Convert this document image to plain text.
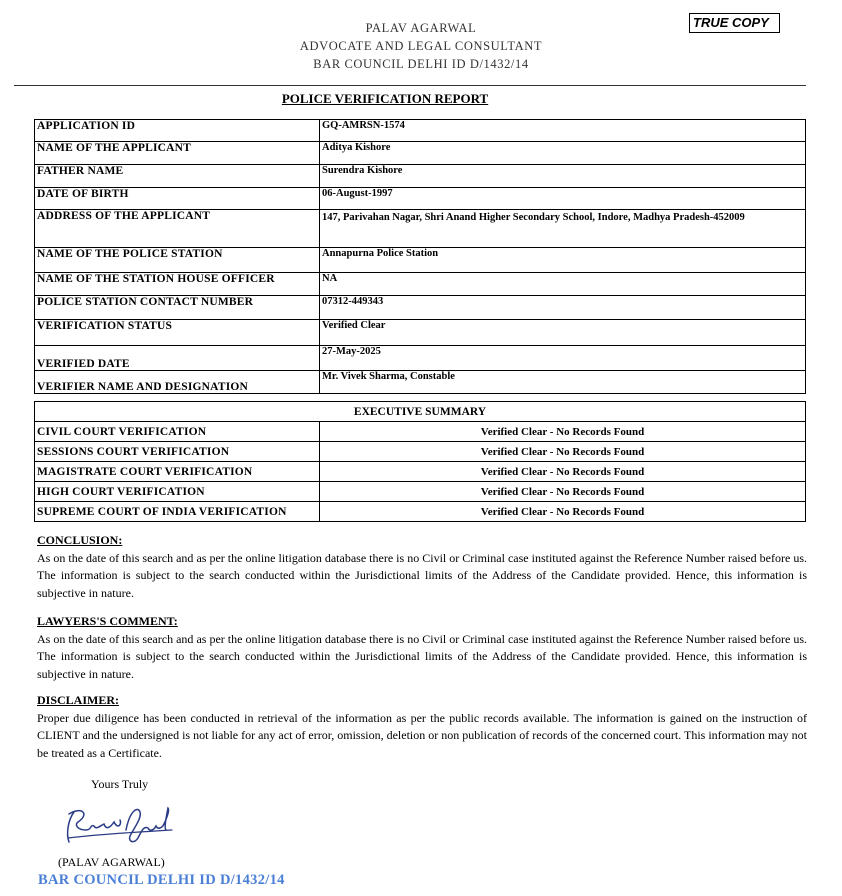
PALAV AGARWAL
ADVOCATE AND LEGAL CONSULTANT
BAR COUNCIL DELHI ID D/1432/14
TRUE COPY
POLICE VERIFICATION REPORT
APPLICATION ID	GQ-AMRSN-1574
NAME OF THE APPLICANT	Aditya Kishore
FATHER NAME	Surendra Kishore
DATE OF BIRTH	06-August-1997
ADDRESS OF THE APPLICANT	147, Parivahan Nagar, Shri Anand Higher Secondary School, Indore, Madhya Pradesh-452009
NAME OF THE POLICE STATION	Annapurna Police Station
NAME OF THE STATION HOUSE OFFICER	NA
POLICE STATION CONTACT NUMBER	07312-449343
VERIFICATION STATUS	Verified Clear
VERIFIED DATE	27-May-2025
VERIFIER NAME AND DESIGNATION	Mr. Vivek Sharma, Constable
EXECUTIVE SUMMARY	
CIVIL COURT VERIFICATION	Verified Clear - No Records Found
SESSIONS COURT VERIFICATION	Verified Clear - No Records Found
MAGISTRATE COURT VERIFICATION	Verified Clear - No Records Found
HIGH COURT VERIFICATION	Verified Clear - No Records Found
SUPREME COURT OF INDIA VERIFICATION	Verified Clear - No Records Found
CONCLUSION:

As on the date of this search and as per the online litigation database there is no Civil or Criminal case instituted against the Reference Number raised before us. The information is subject to the search conducted within the Jurisdictional limits of the Address of the Candidate provided. Hence, this information is subjective in nature.

LAWYERS'S COMMENT:

As on the date of this search and as per the online litigation database there is no Civil or Criminal case instituted against the Reference Number raised before us. The information is subject to the search conducted within the Jurisdictional limits of the Address of the Candidate provided. Hence, this information is subjective in nature.

DISCLAIMER:

Proper due diligence has been conducted in retrieval of the information as per the public records available. The information is gained on the instruction of CLIENT and the undersigned is not liable for any act of error, omission, deletion or non publication of records of the concerned court. This information may not be treated as a Certificate.

Yours Truly
(PALAV AGARWAL)
BAR COUNCIL DELHI ID D/1432/14
